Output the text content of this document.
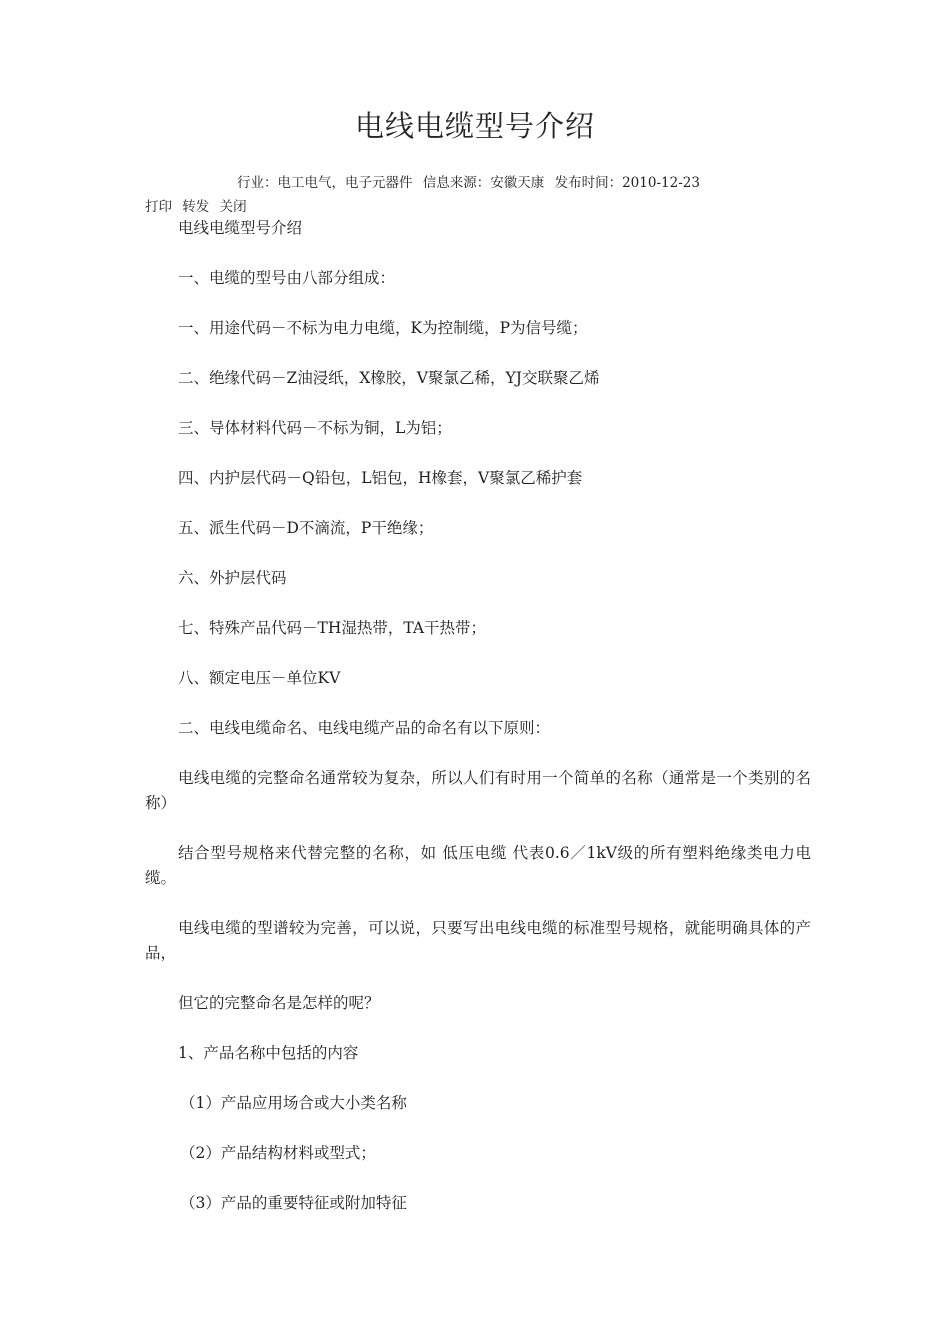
电线电缆型号介绍
行业：电工电气，电子元器件 信息来源：安徽天康 发布时间：2010-12-23
打印 转发 关闭

电线电缆型号介绍

一、电缆的型号由八部分组成：

一、用途代码－不标为电力电缆，K为控制缆，P为信号缆；

二、绝缘代码－Z油浸纸，X橡胶，V聚氯乙稀，YJ交联聚乙烯

三、导体材料代码－不标为铜，L为铝；

四、内护层代码－Q铅包，L铝包，H橡套，V聚氯乙稀护套

五、派生代码－D不滴流，P干绝缘；

六、外护层代码

七、特殊产品代码－TH湿热带，TA干热带；

八、额定电压－单位KV

二、电线电缆命名、电线电缆产品的命名有以下原则：

电线电缆的完整命名通常较为复杂，所以人们有时用一个简单的名称（通常是一个类别的名称）

结合型号规格来代替完整的名称，如 低压电缆 代表0.6／1kV级的所有塑料绝缘类电力电缆。

电线电缆的型谱较为完善，可以说，只要写出电线电缆的标准型号规格，就能明确具体的产品，

但它的完整命名是怎样的呢？

1、产品名称中包括的内容

（1）产品应用场合或大小类名称

（2）产品结构材料或型式；

（3）产品的重要特征或附加特征
